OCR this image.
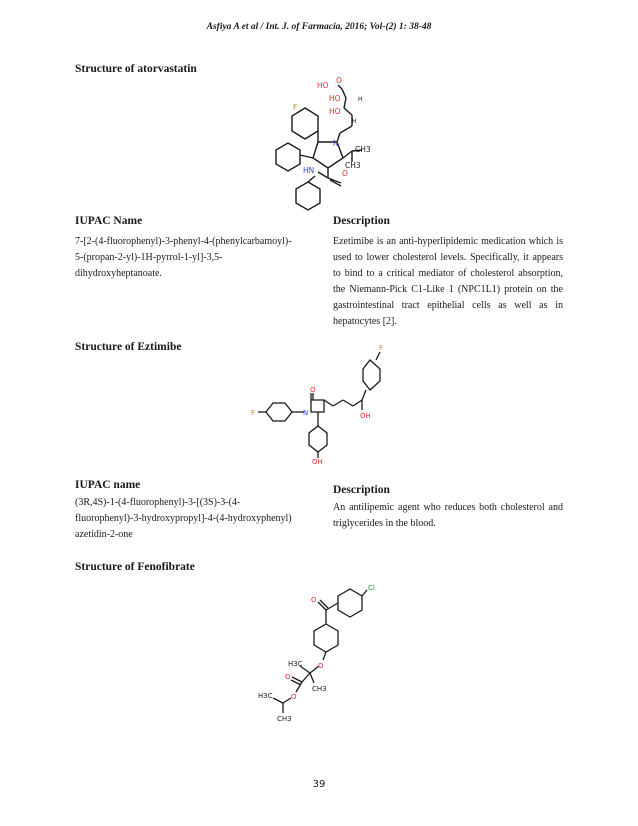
Asfiya A et al / Int. J. of Farmacia, 2016; Vol-(2) 1: 38-48
Structure of atorvastatin
HO
O
HO
HO
H
H
F
N
CH3
CH3
HN	O
IUPAC Name
7-[2-(4-fluorophenyl)-3-phenyl-4-(phenylcarbamoyl)-
5-(propan-2-yl)-1H-pyrrol-1-yl]-3,5-
dihydroxyheptanoate.
Description
Ezetimibe is an anti-hyperlipidemic medication which is used to lower cholesterol levels. Specifically, it appears to bind to a critical mediator of cholesterol absorption, the Niemann-Pick C1-Like 1 (NPC1L1) protein on the gastrointestinal tract epithelial cells as well as in hepatocytes [2].
Structure of Eztimibe
F	N
O
OH
F
OH
IUPAC name
(3R,4S)-1-(4-fluorophenyl)-3-[(3S)-3-(4-
fluorophenyl)-3-hydroxypropyl]-4-(4-hydroxyphenyl)
azetidin-2-one
Description
An antilipemic agent who reduces both cholesterol and triglycerides in the blood.
Structure of Fenofibrate
Cl
O
O
H3C
CH3
O
O
H3C
CH3
39
